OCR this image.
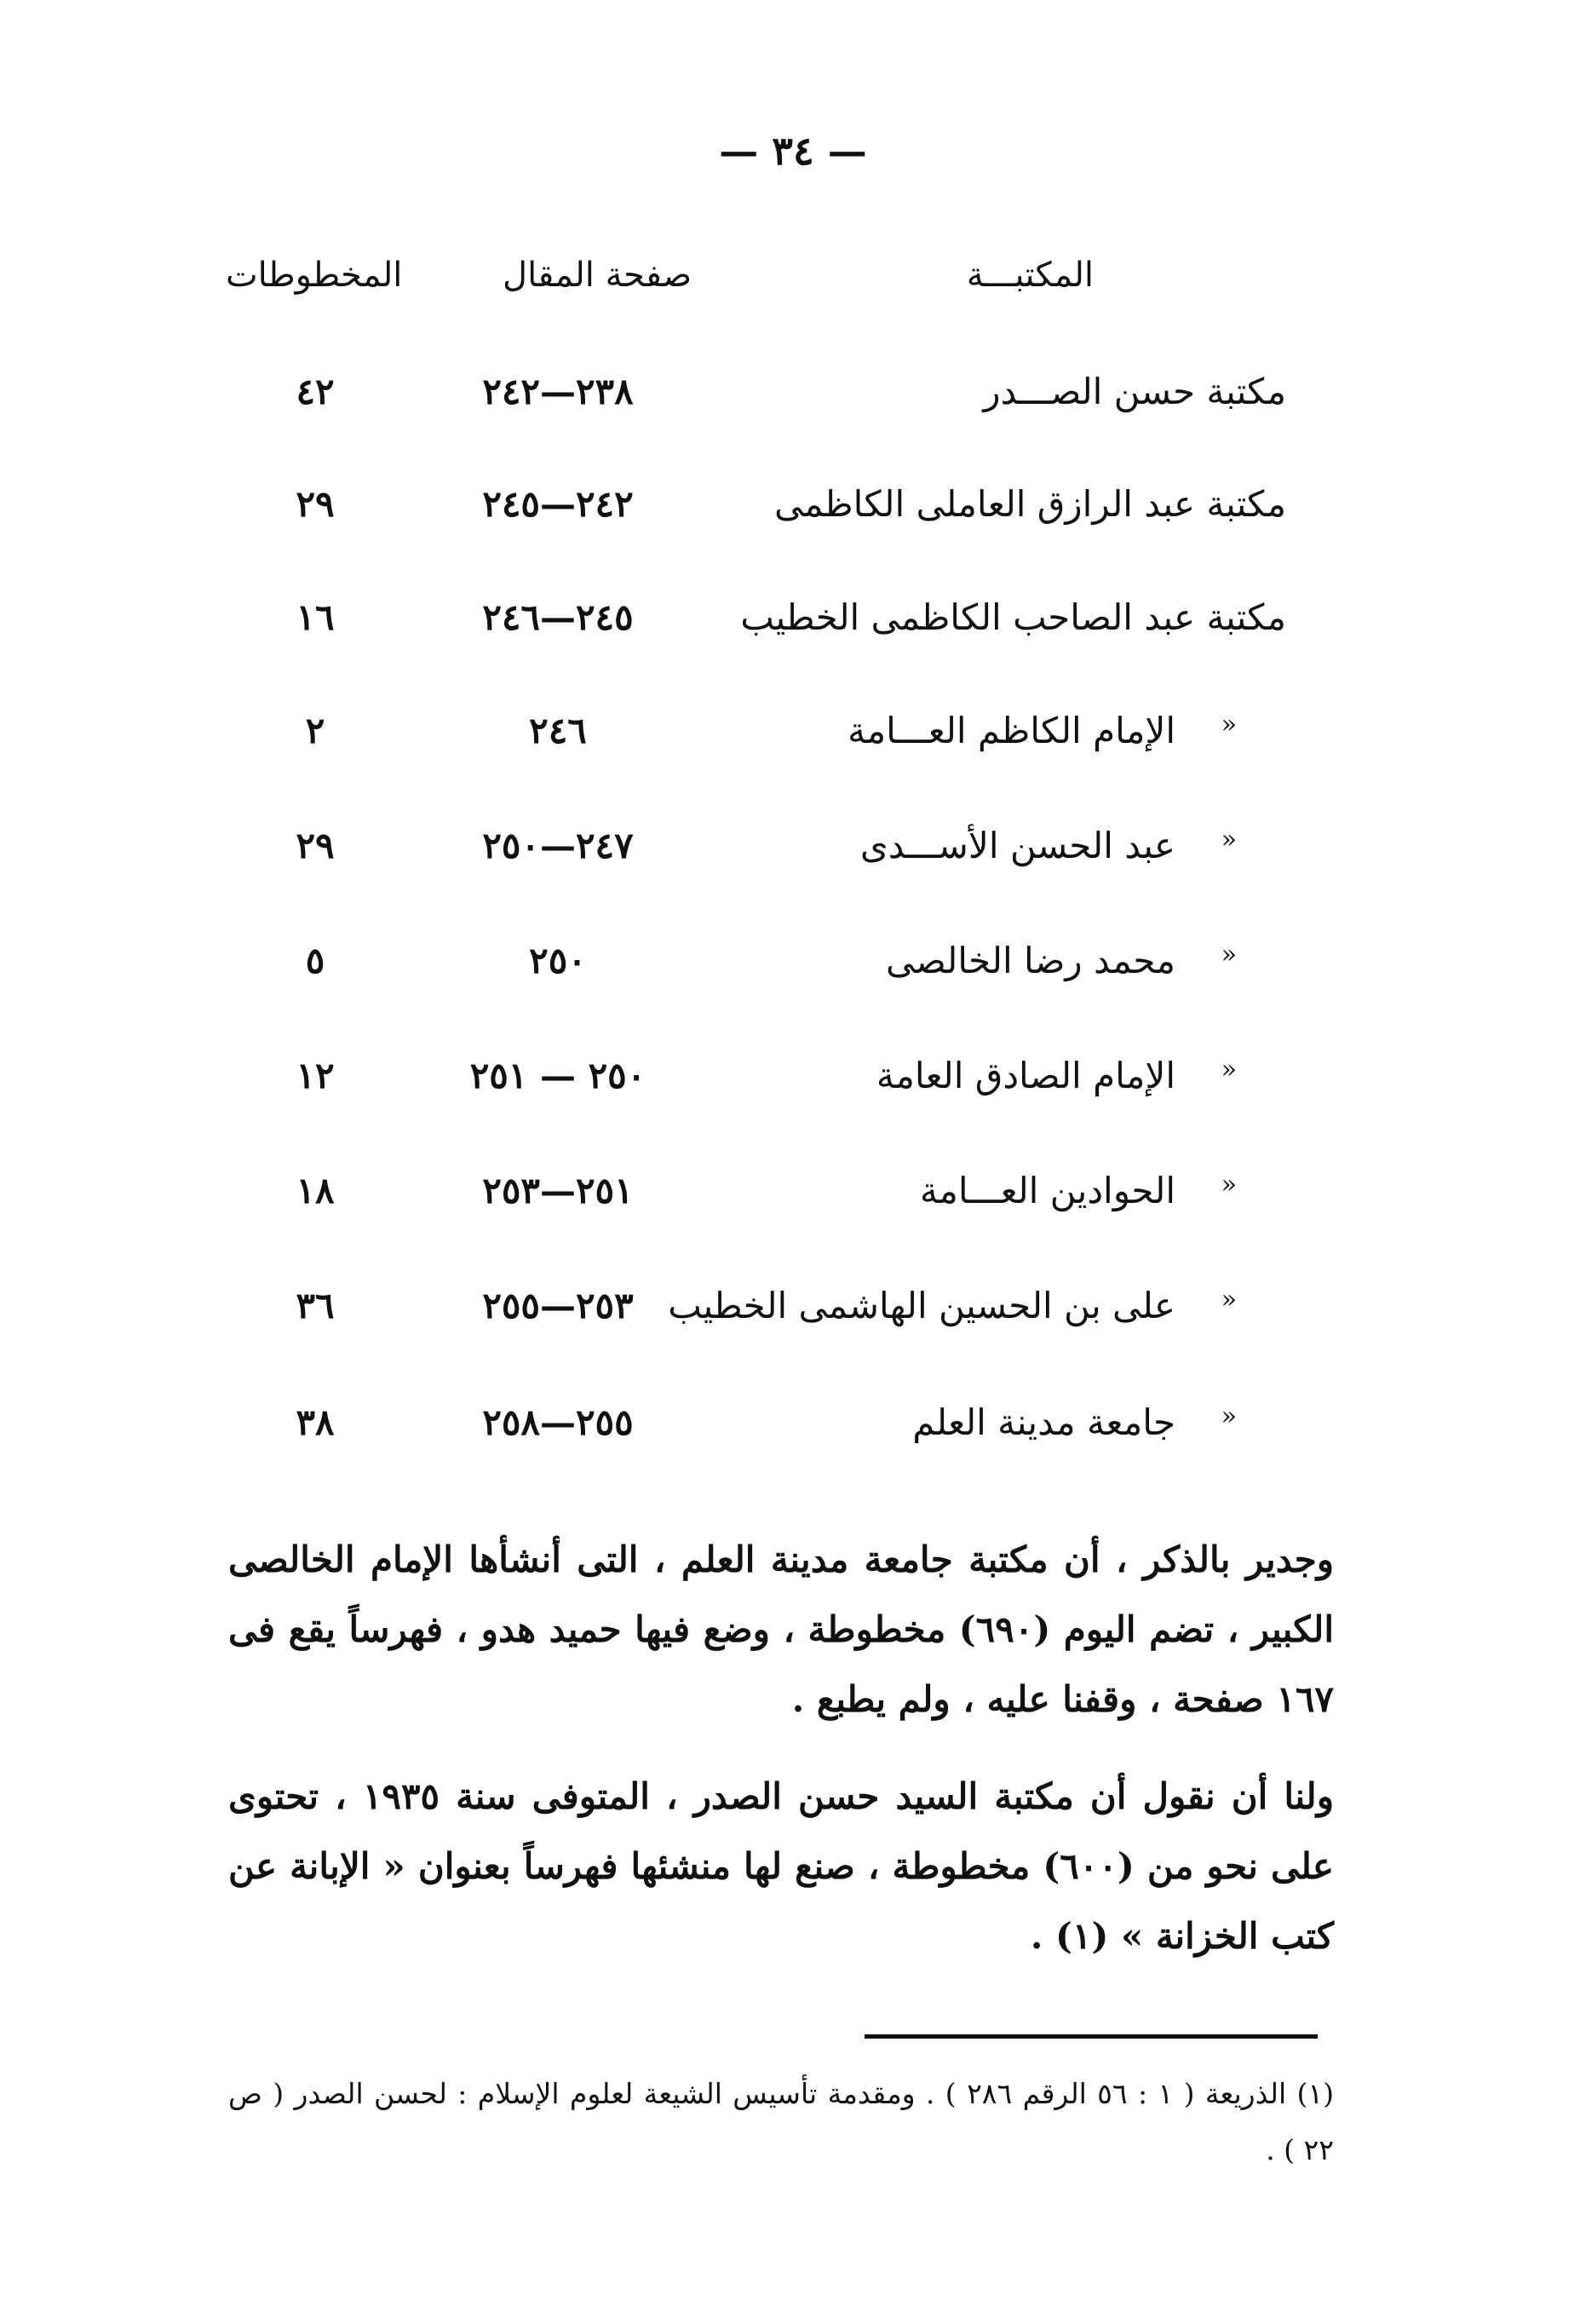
— ٣٤ —
المكتبـــة
صفحة المقال
المخطوطات
مكتبة حسن الصـــدر
٢٣٨—٢٤٢
٤٢
مكتبة عبد الرازق العاملى الكاظمى
٢٤٢—٢٤٥
٢٩
مكتبة عبد الصاحب الكاظمى الخطيب
٢٤٥—٢٤٦
١٦
«
الإمام الكاظم العـــامة
٢٤٦
٢
«
عبد الحسن الأســـدى
٢٤٧—٢٥٠
٢٩
«
محمد رضا الخالصى
٢٥٠
٥
«
الإمام الصادق العامة
٢٥٠ — ٢٥١
١٢
«
الحوادين العـــامة
٢٥١—٢٥٣
١٨
«
على بن الحسين الهاشمى الخطيب
٢٥٣—٢٥٥
٣٦
«
جامعة مدينة العلم
٢٥٥—٢٥٨
٣٨
وجدير بالذكر ، أن مكتبة جامعة مدينة العلم ، التى أنشأها الإمام الخالصى الكبير ، تضم اليوم (٦٩٠) مخطوطة ، وضع فيها حميد هدو ، فهرساً يقع فى ١٦٧ صفحة ، وقفنا عليه ، ولم يطبع .
ولنا أن نقول أن مكتبة السيد حسن الصدر ، المتوفى سنة ١٩٣٥ ، تحتوى على نحو من (٦٠٠) مخطوطة ، صنع لها منشئها فهرساً بعنوان « الإبانة عن كتب الخزانة » (١) .
(١) الذريعة ( ١ : ٥٦ الرقم ٢٨٦ ) . ومقدمة تأسيس الشيعة لعلوم الإسلام : لحسن الصدر ( ص ٢٢ ) .
